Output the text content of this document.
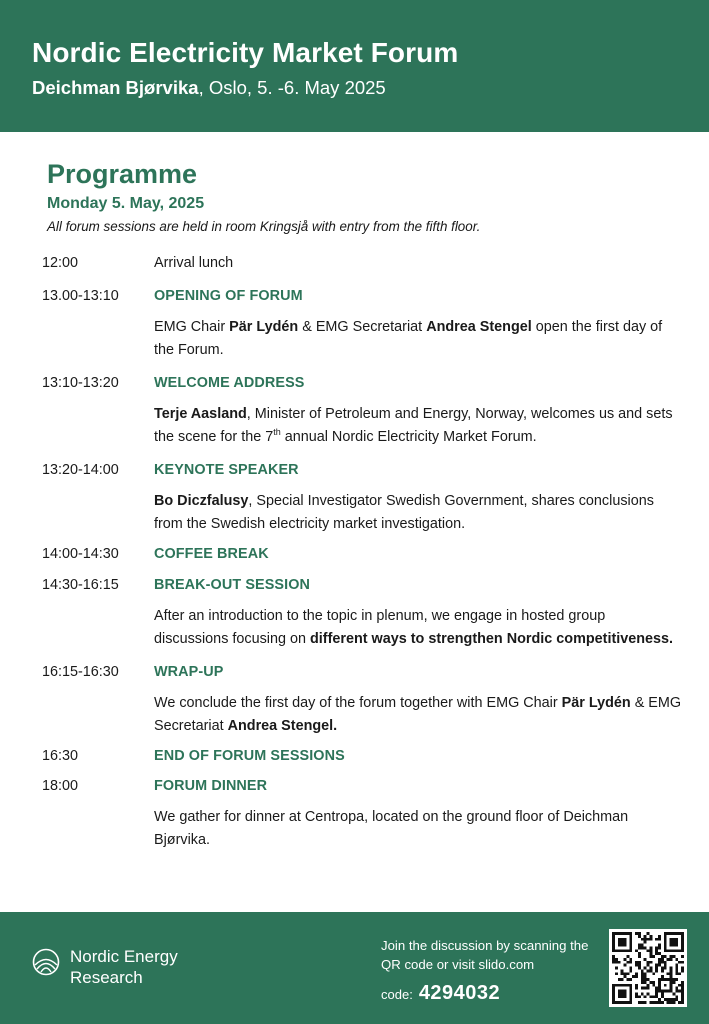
Nordic Electricity Market Forum
Deichman Bjørvika, Oslo, 5. -6. May 2025
Programme
Monday 5. May, 2025
All forum sessions are held in room Kringsjå with entry from the fifth floor.
12:00	Arrival lunch
13.00-13:10	OPENING OF FORUM
EMG Chair Pär Lydén & EMG Secretariat Andrea Stengel open the first day of the Forum.
13:10-13:20	WELCOME ADDRESS
Terje Aasland, Minister of Petroleum and Energy, Norway, welcomes us and sets the scene for the 7th annual Nordic Electricity Market Forum.
13:20-14:00	KEYNOTE SPEAKER
Bo Diczfalusy, Special Investigator Swedish Government, shares conclusions from the Swedish electricity market investigation.
14:00-14:30	COFFEE BREAK
14:30-16:15	BREAK-OUT SESSION
After an introduction to the topic in plenum, we engage in hosted group discussions focusing on different ways to strengthen Nordic competitiveness.
16:15-16:30	WRAP-UP
We conclude the first day of the forum together with EMG Chair Pär Lydén & EMG Secretariat Andrea Stengel.
16:30	END OF FORUM SESSIONS
18:00	FORUM DINNER
We gather for dinner at Centropa, located on the ground floor of Deichman Bjørvika.
Nordic Energy
Research
Join the discussion by scanning the QR code or visit slido.com
code: 4294032
